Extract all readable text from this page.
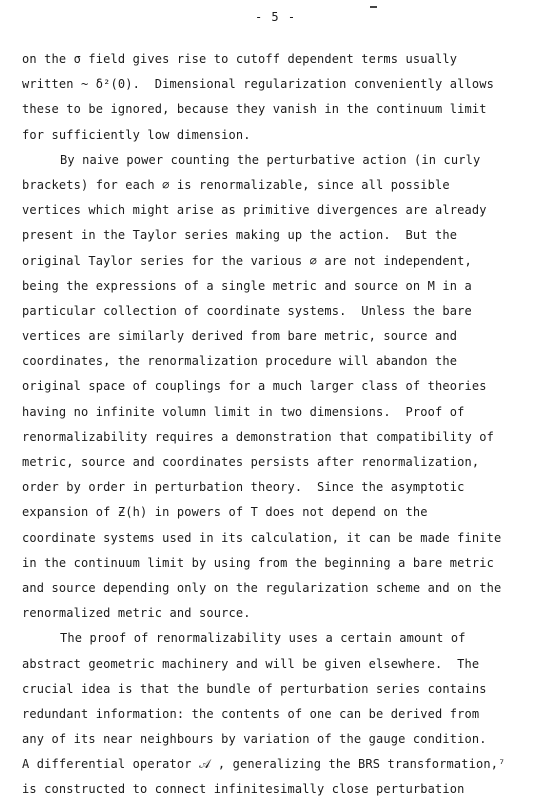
- 5 -
on the σ field gives rise to cutoff dependent terms usually
written ~ δ²(0).  Dimensional regularization conveniently allows
these to be ignored, because they vanish in the continuum limit
for sufficiently low dimension.
By naive power counting the perturbative action (in curly
brackets) for each ∅ is renormalizable, since all possible
vertices which might arise as primitive divergences are already
present in the Taylor series making up the action.  But the
original Taylor series for the various ∅ are not independent,
being the expressions of a single metric and source on M in a
particular collection of coordinate systems.  Unless the bare
vertices are similarly derived from bare metric, source and
coordinates, the renormalization procedure will abandon the
original space of couplings for a much larger class of theories
having no infinite volumn limit in two dimensions.  Proof of
renormalizability requires a demonstration that compatibility of
metric, source and coordinates persists after renormalization,
order by order in perturbation theory.  Since the asymptotic
expansion of Ƶ(h) in powers of T does not depend on the
coordinate systems used in its calculation, it can be made finite
in the continuum limit by using from the beginning a bare metric
and source depending only on the regularization scheme and on the
renormalized metric and source.
The proof of renormalizability uses a certain amount of
abstract geometric machinery and will be given elsewhere.  The
crucial idea is that the bundle of perturbation series contains
redundant information: the contents of one can be derived from
any of its near neighbours by variation of the gauge condition.
A differential operator 𝒜 , generalizing the BRS transformation,⁷
is constructed to connect infinitesimally close perturbation
